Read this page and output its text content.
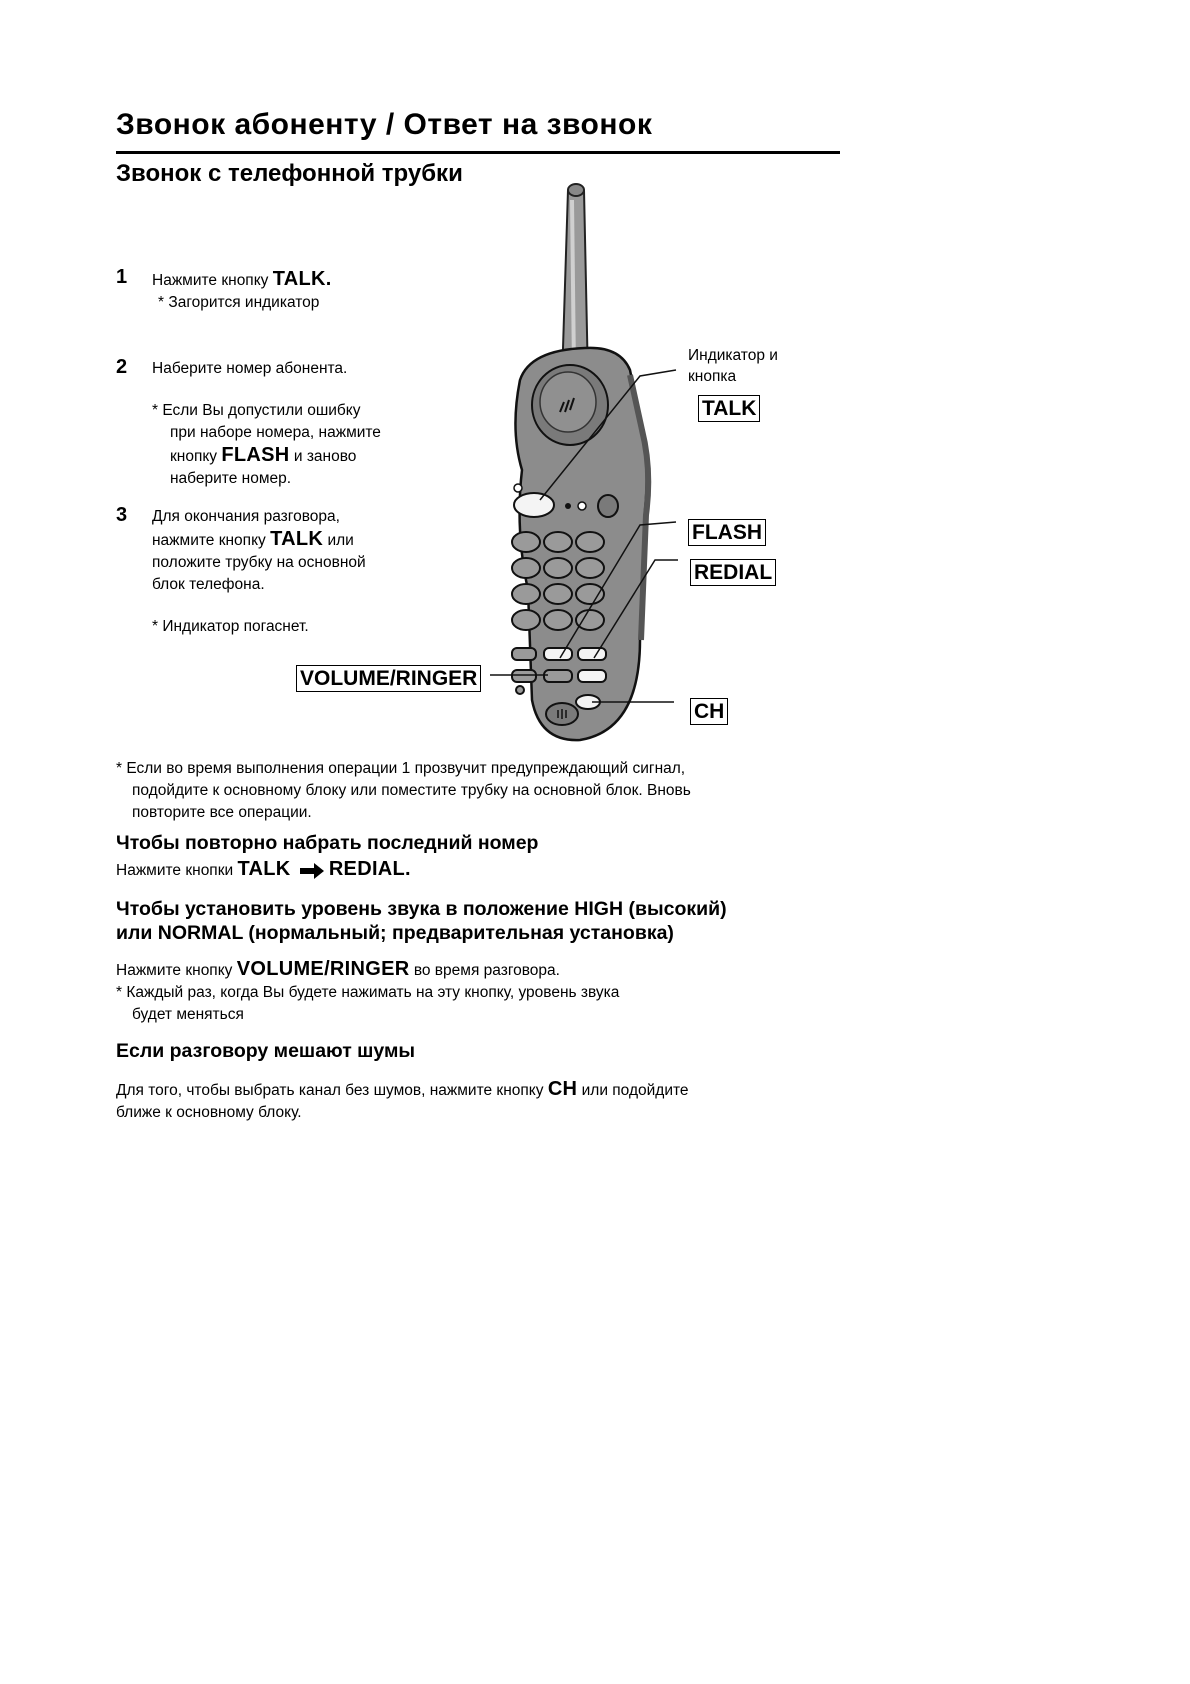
Звонок абоненту / Ответ на звонок
Звонок с телефонной трубки
1 Нажмите кнопку TALK.
* Загорится индикатор
2 Наберите номер абонента.
* Если Вы допустили ошибку
при наборе номера, нажмите
кнопку FLASH и заново
наберите номер.
3 Для окончания разговора,
нажмите кнопку TALK или
положите трубку на основной
блок телефона.
* Индикатор погаснет.
Индикатор и
кнопка
TALK
FLASH
REDIAL
VOLUME/RINGER
CH
* Если во время выполнения операции 1 прозвучит предупреждающий сигнал,
подойдите к основному блоку или поместите трубку на основной блок. Вновь
повторите все операции.
Чтобы повторно набрать последний номер
Нажмите кнопки TALK REDIAL.
Чтобы установить уровень звука в положение HIGH (высокий)
или NORMAL (нормальный; предварительная установка)
Нажмите кнопку VOLUME/RINGER во время разговора.
* Каждый раз, когда Вы будете нажимать на эту кнопку, уровень звука
будет меняться
Если разговору мешают шумы
Для того, чтобы выбрать канал без шумов, нажмите кнопку CH или подойдите
ближе к основному блоку.
